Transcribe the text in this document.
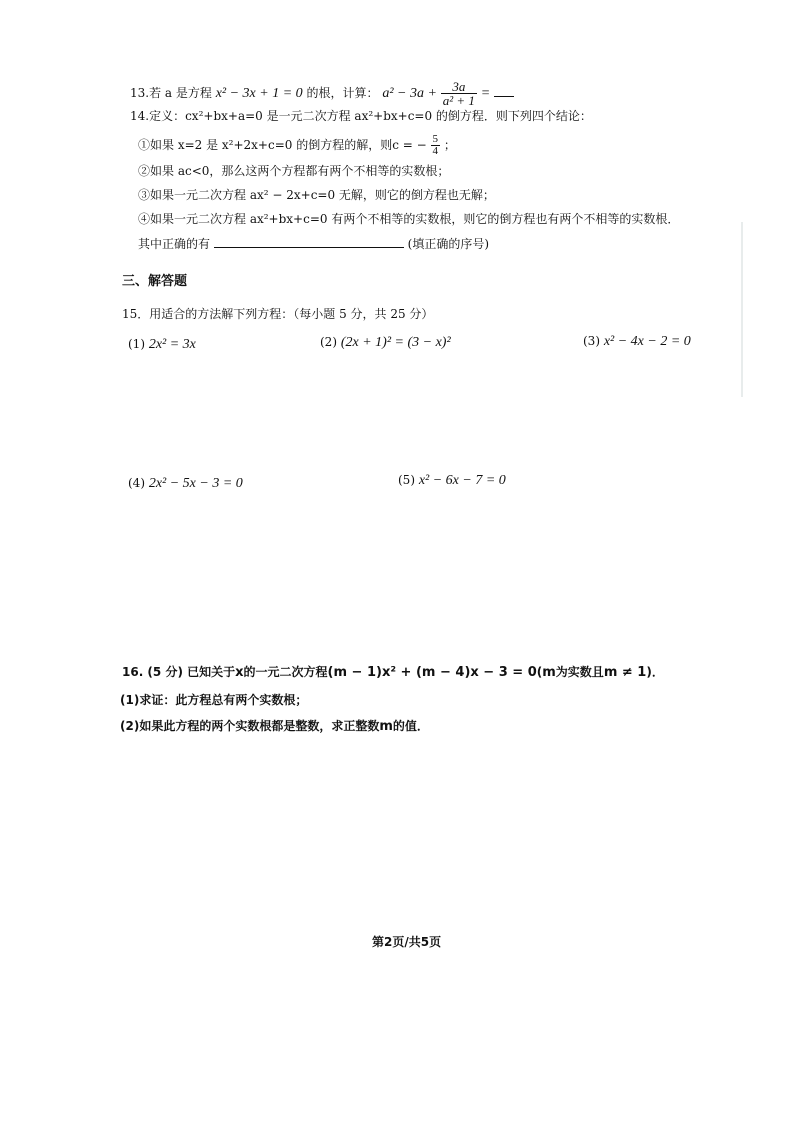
13.若 a 是方程 x² − 3x + 1 = 0 的根，计算： $a^2 - 3a + \frac{3a}{\text{a² + 1}}$ =
14.定义：cx²+bx+a=0 是一元二次方程 ax²+bx+c=0 的倒方程．则下列四个结论：
①如果 x=2 是 x²+2x+c=0 的倒方程的解，则c = − $\frac{5}{4}$ ；
②如果 ac<0，那么这两个方程都有两个不相等的实数根；
③如果一元二次方程 ax² − 2x+c=0 无解，则它的倒方程也无解；
④如果一元二次方程 ax²+bx+c=0 有两个不相等的实数根，则它的倒方程也有两个不相等的实数根．
其中正确的有	(填正确的序号)
三、解答题
15．用适合的方法解下列方程：（每小题 5 分，共 25 分）
(1) 2x² = 3x	(2) (2x + 1)² = (3 − x)²	(3) x² − 4x − 2 = 0
(4) 2x² − 5x − 3 = 0	(5) x² − 6x − 7 = 0
16. (5 分) 已知关于x的一元二次方程(m − 1)x² + (m − 4)x − 3 = 0(m为实数且m ≠ 1)．
(1)求证：此方程总有两个实数根；
(2)如果此方程的两个实数根都是整数，求正整数m的值．
第2页/共5页
